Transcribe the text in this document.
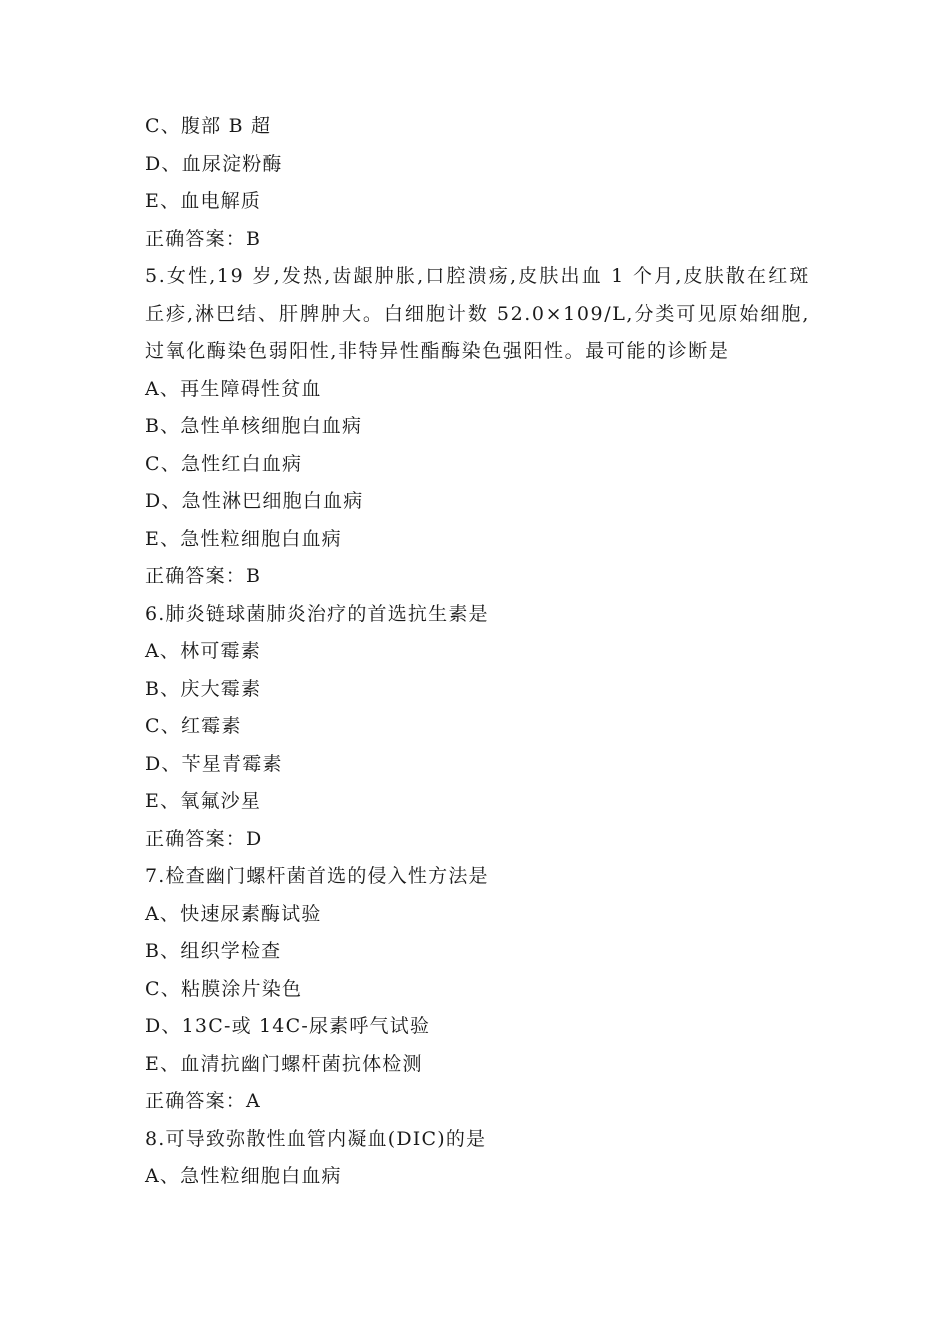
C、腹部 B 超
D、血尿淀粉酶
E、血电解质
正确答案：B
5.女性,19 岁,发热,齿龈肿胀,口腔溃疡,皮肤出血 1 个月,皮肤散在红斑丘疹,淋巴结、肝脾肿大。白细胞计数 52.0×109/L,分类可见原始细胞,过氧化酶染色弱阳性,非特异性酯酶染色强阳性。最可能的诊断是
A、再生障碍性贫血
B、急性单核细胞白血病
C、急性红白血病
D、急性淋巴细胞白血病
E、急性粒细胞白血病
正确答案：B
6.肺炎链球菌肺炎治疗的首选抗生素是
A、林可霉素
B、庆大霉素
C、红霉素
D、苄星青霉素
E、氧氟沙星
正确答案：D
7.检查幽门螺杆菌首选的侵入性方法是
A、快速尿素酶试验
B、组织学检查
C、粘膜涂片染色
D、13C-或 14C-尿素呼气试验
E、血清抗幽门螺杆菌抗体检测
正确答案：A
8.可导致弥散性血管内凝血(DIC)的是
A、急性粒细胞白血病
